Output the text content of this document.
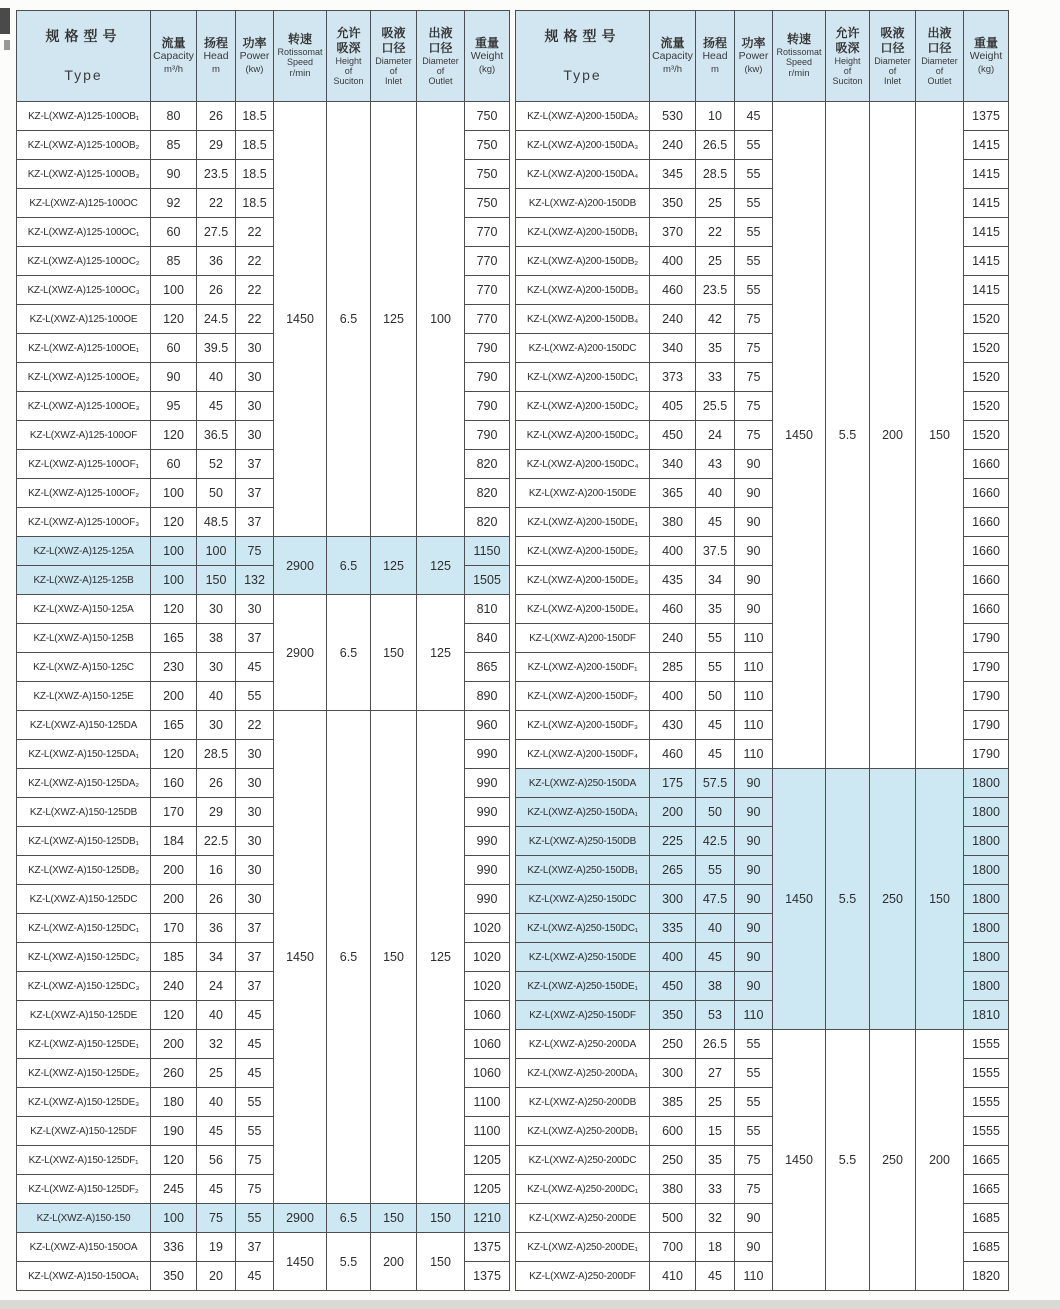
规格型号
Type

流量
Capacity
m³/h

扬程
Head
m

功率
Power
(kw)

转速
Rotissomat
Speed
r/min

允许
吸深
Height
of
Suciton

吸液
口径
Diameter
of
Inlet

出液
口径
Diameter
of
Outlet

重量
Weight
(kg)

KZ-L(XWZ-A)125-100OB₁	80	26	18.5	1450	6.5	125	100	750
KZ-L(XWZ-A)125-100OB₂	85	29	18.5					750
KZ-L(XWZ-A)125-100OB₃	90	23.5	18.5					750
KZ-L(XWZ-A)125-100OC	92	22	18.5					750
KZ-L(XWZ-A)125-100OC₁	60	27.5	22					770
KZ-L(XWZ-A)125-100OC₂	85	36	22					770
KZ-L(XWZ-A)125-100OC₃	100	26	22					770
KZ-L(XWZ-A)125-100OE	120	24.5	22					770
KZ-L(XWZ-A)125-100OE₁	60	39.5	30					790
KZ-L(XWZ-A)125-100OE₂	90	40	30					790
KZ-L(XWZ-A)125-100OE₃	95	45	30					790
KZ-L(XWZ-A)125-100OF	120	36.5	30					790
KZ-L(XWZ-A)125-100OF₁	60	52	37					820
KZ-L(XWZ-A)125-100OF₂	100	50	37					820
KZ-L(XWZ-A)125-100OF₃	120	48.5	37					820
KZ-L(XWZ-A)125-125A	100	100	75	2900	6.5	125	125	1150
KZ-L(XWZ-A)125-125B	100	150	132					1505
KZ-L(XWZ-A)150-125A	120	30	30	2900	6.5	150	125	810
KZ-L(XWZ-A)150-125B	165	38	37					840
KZ-L(XWZ-A)150-125C	230	30	45					865
KZ-L(XWZ-A)150-125E	200	40	55					890
KZ-L(XWZ-A)150-125DA	165	30	22	1450	6.5	150	125	960
KZ-L(XWZ-A)150-125DA₁	120	28.5	30					990
KZ-L(XWZ-A)150-125DA₂	160	26	30					990
KZ-L(XWZ-A)150-125DB	170	29	30					990
KZ-L(XWZ-A)150-125DB₁	184	22.5	30					990
KZ-L(XWZ-A)150-125DB₂	200	16	30					990
KZ-L(XWZ-A)150-125DC	200	26	30					990
KZ-L(XWZ-A)150-125DC₁	170	36	37					1020
KZ-L(XWZ-A)150-125DC₂	185	34	37					1020
KZ-L(XWZ-A)150-125DC₃	240	24	37					1020
KZ-L(XWZ-A)150-125DE	120	40	45					1060
KZ-L(XWZ-A)150-125DE₁	200	32	45					1060
KZ-L(XWZ-A)150-125DE₂	260	25	45					1060
KZ-L(XWZ-A)150-125DE₃	180	40	55					1100
KZ-L(XWZ-A)150-125DF	190	45	55					1100
KZ-L(XWZ-A)150-125DF₁	120	56	75					1205
KZ-L(XWZ-A)150-125DF₂	245	45	75					1205
KZ-L(XWZ-A)150-150	100	75	55	2900	6.5	150	150	1210
KZ-L(XWZ-A)150-150OA	336	19	37	1450	5.5	200	150	1375
KZ-L(XWZ-A)150-150OA₁	350	20	45					1375
规格型号
Type

流量
Capacity
m³/h

扬程
Head
m

功率
Power
(kw)

转速
Rotissomat
Speed
r/min

允许
吸深
Height
of
Suciton

吸液
口径
Diameter
of
Inlet

出液
口径
Diameter
of
Outlet

重量
Weight
(kg)

KZ-L(XWZ-A)200-150DA₂	530	10	45	1450	5.5	200	150	1375
KZ-L(XWZ-A)200-150DA₃	240	26.5	55					1415
KZ-L(XWZ-A)200-150DA₄	345	28.5	55					1415
KZ-L(XWZ-A)200-150DB	350	25	55					1415
KZ-L(XWZ-A)200-150DB₁	370	22	55					1415
KZ-L(XWZ-A)200-150DB₂	400	25	55					1415
KZ-L(XWZ-A)200-150DB₃	460	23.5	55					1415
KZ-L(XWZ-A)200-150DB₄	240	42	75					1520
KZ-L(XWZ-A)200-150DC	340	35	75					1520
KZ-L(XWZ-A)200-150DC₁	373	33	75					1520
KZ-L(XWZ-A)200-150DC₂	405	25.5	75					1520
KZ-L(XWZ-A)200-150DC₃	450	24	75					1520
KZ-L(XWZ-A)200-150DC₄	340	43	90					1660
KZ-L(XWZ-A)200-150DE	365	40	90					1660
KZ-L(XWZ-A)200-150DE₁	380	45	90					1660
KZ-L(XWZ-A)200-150DE₂	400	37.5	90					1660
KZ-L(XWZ-A)200-150DE₃	435	34	90					1660
KZ-L(XWZ-A)200-150DE₄	460	35	90					1660
KZ-L(XWZ-A)200-150DF	240	55	110					1790
KZ-L(XWZ-A)200-150DF₁	285	55	110					1790
KZ-L(XWZ-A)200-150DF₂	400	50	110					1790
KZ-L(XWZ-A)200-150DF₃	430	45	110					1790
KZ-L(XWZ-A)200-150DF₄	460	45	110					1790
KZ-L(XWZ-A)250-150DA	175	57.5	90	1450	5.5	250	150	1800
KZ-L(XWZ-A)250-150DA₁	200	50	90					1800
KZ-L(XWZ-A)250-150DB	225	42.5	90					1800
KZ-L(XWZ-A)250-150DB₁	265	55	90					1800
KZ-L(XWZ-A)250-150DC	300	47.5	90					1800
KZ-L(XWZ-A)250-150DC₁	335	40	90					1800
KZ-L(XWZ-A)250-150DE	400	45	90					1800
KZ-L(XWZ-A)250-150DE₁	450	38	90					1800
KZ-L(XWZ-A)250-150DF	350	53	110					1810
KZ-L(XWZ-A)250-200DA	250	26.5	55	1450	5.5	250	200	1555
KZ-L(XWZ-A)250-200DA₁	300	27	55					1555
KZ-L(XWZ-A)250-200DB	385	25	55					1555
KZ-L(XWZ-A)250-200DB₁	600	15	55					1555
KZ-L(XWZ-A)250-200DC	250	35	75					1665
KZ-L(XWZ-A)250-200DC₁	380	33	75					1665
KZ-L(XWZ-A)250-200DE	500	32	90					1685
KZ-L(XWZ-A)250-200DE₁	700	18	90					1685
KZ-L(XWZ-A)250-200DF	410	45	110					1820
